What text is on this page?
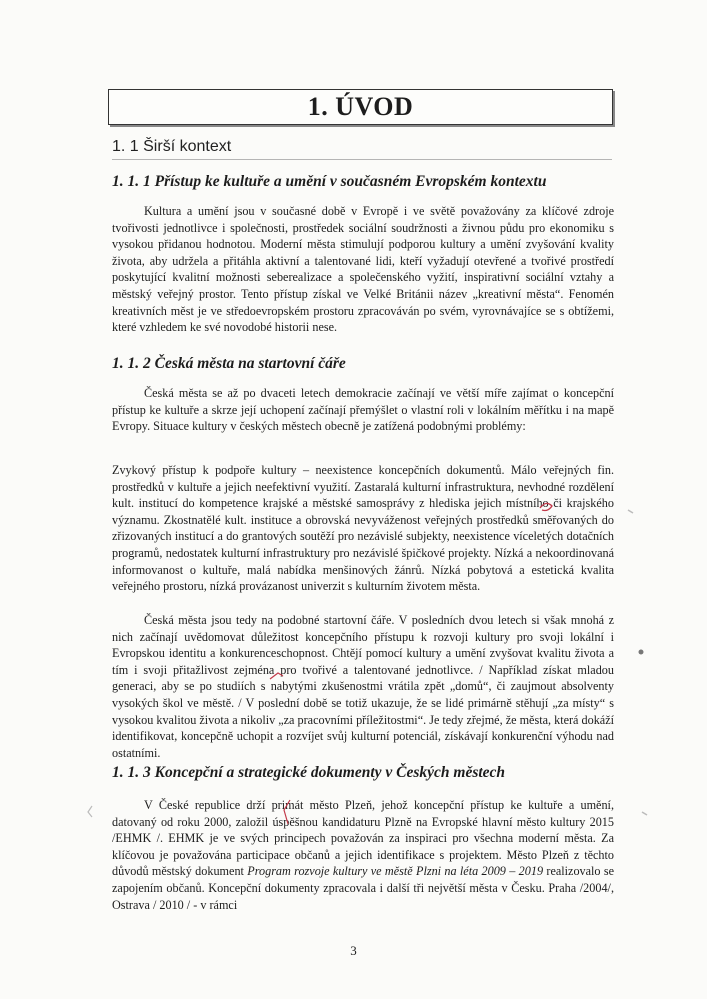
1. ÚVOD
1. 1 Širší kontext
1. 1. 1 Přístup ke kultuře a umění v současném Evropském kontextu

Kultura a umění jsou v současné době v Evropě i ve světě považovány za klíčové zdroje tvořivosti jednotlivce i společnosti, prostředek sociální soudržnosti a živnou půdu pro ekonomiku s vysokou přidanou hodnotou. Moderní města stimulují podporou kultury a umění zvyšování kvality života, aby udržela a přitáhla aktivní a talentované lidi, kteří vyžadují otevřené a tvořivé prostředí poskytující kvalitní možnosti seberealizace a společenského vyžití, inspirativní sociální vztahy a městský veřejný prostor. Tento přístup získal ve Velké Británii název „kreativní města“. Fenomén kreativních měst je ve středoevropském prostoru zpracováván po svém, vyrovnávajíce se s obtížemi, které vzhledem ke své novodobé historii nese.

1. 1. 2 Česká města na startovní čáře

Česká města se až po dvaceti letech demokracie začínají ve větší míře zajímat o koncepční přístup ke kultuře a skrze její uchopení začínají přemýšlet o vlastní roli v lokálním měřítku i na mapě Evropy. Situace kultury v českých městech obecně je zatížená podobnými problémy:

Zvykový přístup k podpoře kultury – neexistence koncepčních dokumentů. Málo veřejných fin. prostředků v kultuře a jejich neefektivní využití. Zastaralá kulturní infrastruktura, nevhodné rozdělení kult. institucí do kompetence krajské a městské samosprávy z hlediska jejich místního či krajského významu. Zkostnatělé kult. instituce a obrovská nevyváženost veřejných prostředků směřovaných do zřizovaných institucí a do grantových soutěží pro nezávislé subjekty, neexistence víceletých dotačních programů, nedostatek kulturní infrastruktury pro nezávislé špičkové projekty. Nízká a nekoordinovaná informovanost o kultuře, malá nabídka menšinových žánrů. Nízká pobytová a estetická kvalita veřejného prostoru, nízká provázanost univerzit s kulturním životem města.

Česká města jsou tedy na podobné startovní čáře. V posledních dvou letech si však mnohá z nich začínají uvědomovat důležitost koncepčního přístupu k rozvoji kultury pro svoji lokální i Evropskou identitu a konkurenceschopnost. Chtějí pomocí kultury a umění zvyšovat kvalitu života a tím i svoji přitažlivost zejména pro tvořivé a talentované jednotlivce. / Například získat mladou generaci, aby se po studiích s nabytými zkušenostmi vrátila zpět „domů“, či zaujmout absolventy vysokých škol ve městě. / V poslední době se totiž ukazuje, že se lidé primárně stěhují „za místy“ s vysokou kvalitou života a nikoliv „za pracovními příležitostmi“. Je tedy zřejmé, že města, která dokáží identifikovat, koncepčně uchopit a rozvíjet svůj kulturní potenciál, získávají konkurenční výhodu nad ostatními.

1. 1. 3 Koncepční a strategické dokumenty v Českých městech

V České republice drží primát město Plzeň, jehož koncepční přístup ke kultuře a umění, datovaný od roku 2000, založil úspěšnou kandidaturu Plzně na Evropské hlavní město kultury 2015 /EHMK /. EHMK je ve svých principech považován za inspiraci pro všechna moderní města. Za klíčovou je považována participace občanů a jejich identifikace s projektem. Město Plzeň z těchto důvodů městský dokument Program rozvoje kultury ve městě Plzni na léta 2009 – 2019 realizovalo se zapojením občanů. Koncepční dokumenty zpracovala i další tři největší města v Česku. Praha /2004/, Ostrava / 2010 / - v rámci

3
